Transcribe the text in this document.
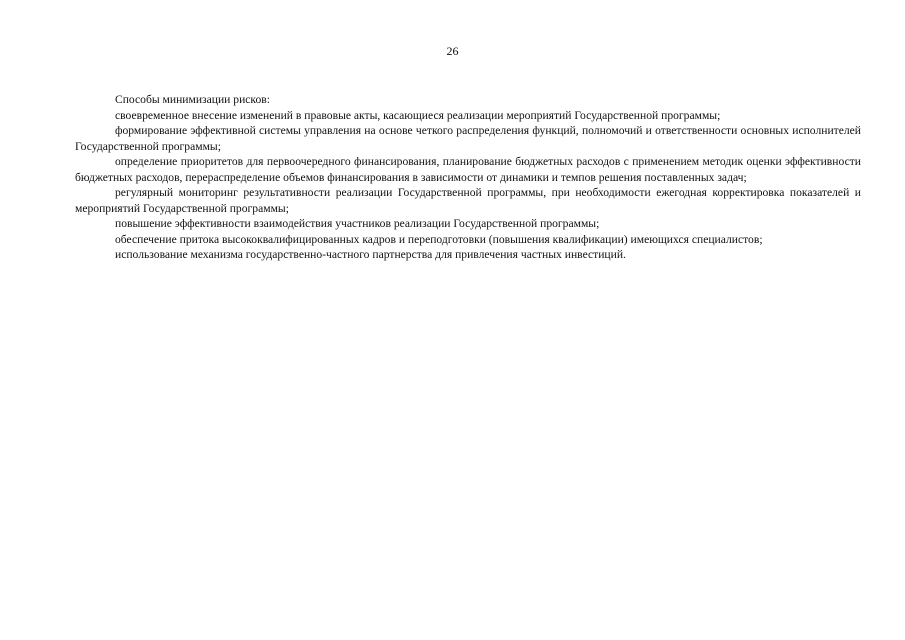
26

Способы минимизации рисков:

своевременное внесение изменений в правовые акты, касающиеся реализации мероприятий Государственной программы;

формирование эффективной системы управления на основе четкого распределения функций, полномочий и ответственности основных исполнителей Государственной программы;

определение приоритетов для первоочередного финансирования, планирование бюджетных расходов с применением методик оценки эффективности бюджетных расходов, перераспределение объемов финансирования в зависимости от динамики и темпов решения поставленных задач;

регулярный мониторинг результативности реализации Государственной программы, при необходимости ежегодная корректировка показателей и мероприятий Государственной программы;

повышение эффективности взаимодействия участников реализации Государственной программы;

обеспечение притока высококвалифицированных кадров и переподготовки (повышения квалификации) имеющихся специалистов;

использование механизма государственно-частного партнерства для привлечения частных инвестиций.
